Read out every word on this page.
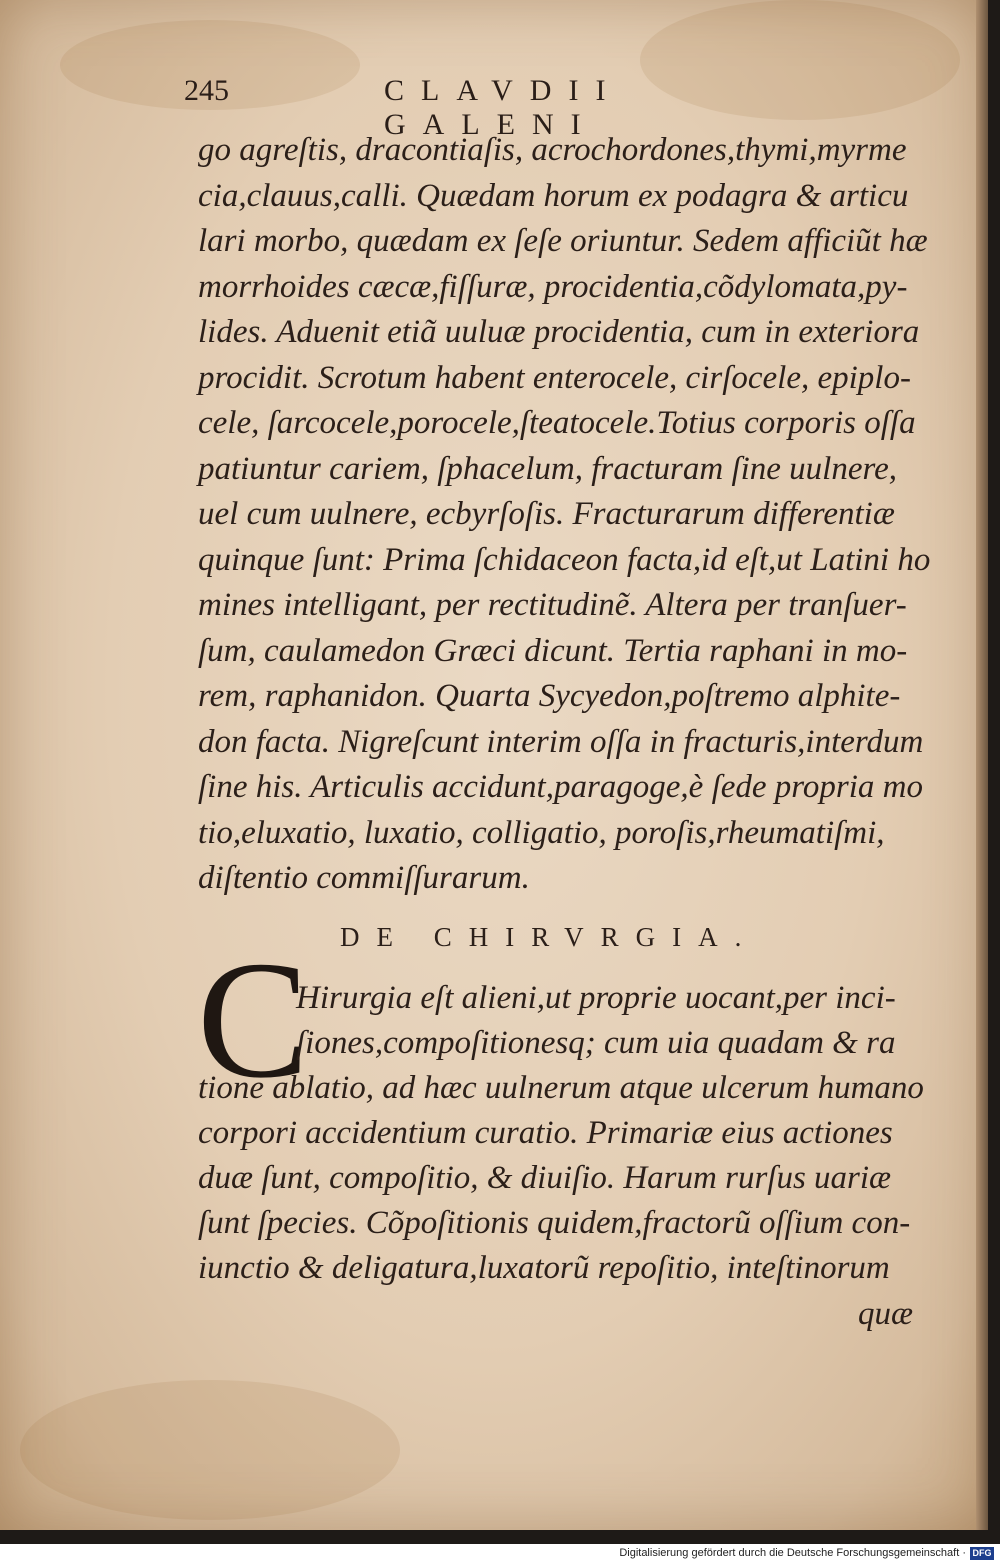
245	CLAVDII GALENI
go agreſtis, dracontiaſis, acrochordones,thymi,myrme
cia,clauus,calli. Quædam horum ex podagra & articu
lari morbo, quædam ex ſeſe oriuntur. Sedem afficiũt hæ
morrhoides cæcæ,fiſſuræ, procidentia,cõdylomata,py-
lides. Aduenit etiã uuluæ procidentia, cum in exteriora
procidit. Scrotum habent enterocele, cirſocele, epiplo-
cele, ſarcocele,porocele,ſteatocele.Totius corporis oſſa
patiuntur cariem, ſphacelum, fracturam ſine uulnere,
uel cum uulnere, ecbyrſoſis. Fracturarum differentiæ
quinque ſunt: Prima ſchidaceon facta,id eſt,ut Latini ho
mines intelligant, per rectitudinẽ. Altera per tranſuer-
ſum, caulamedon Græci dicunt. Tertia raphani in mo-
rem, raphanidon. Quarta Sycyedon,poſtremo alphite-
don facta. Nigreſcunt interim oſſa in fracturis,interdum
ſine his. Articulis accidunt,paragoge,è ſede propria mo
tio,eluxatio, luxatio, colligatio, poroſis,rheumatiſmi,
diſtentio commiſſurarum.
DE CHIRVRGIA.
C
Hirurgia eſt alieni,ut proprie uocant,per inci-
ſiones,compoſitionesq; cum uia quadam & ra
tione ablatio, ad hæc uulnerum atque ulcerum humano
corpori accidentium curatio. Primariæ eius actiones
duæ ſunt, compoſitio, & diuiſio. Harum rurſus uariæ
ſunt ſpecies. Cõpoſitionis quidem,fractorũ oſſium con-
iunctio & deligatura,luxatorũ repoſitio, inteſtinorum
quæ
Digitalisierung gefördert durch die Deutsche Forschungsgemeinschaft · DFG
